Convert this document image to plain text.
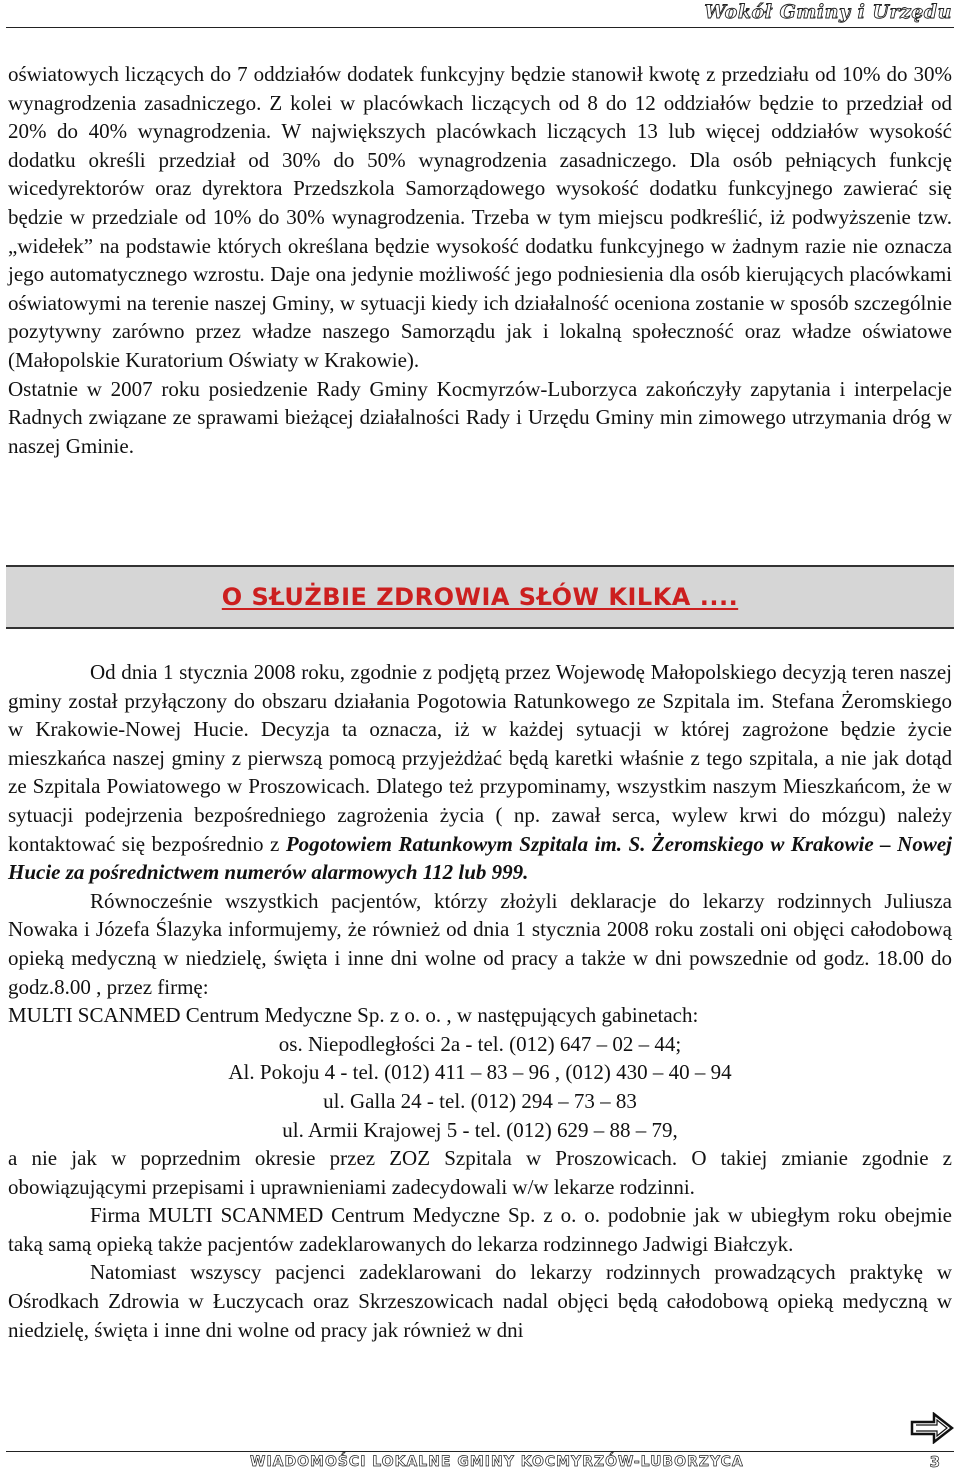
Wokół Gminy i Urzędu

oświatowych liczących do 7 oddziałów dodatek funkcyjny będzie stanowił kwotę z przedziału od 10% do 30% wynagrodzenia zasadniczego. Z kolei w placówkach liczących od 8 do 12 oddziałów będzie to przedział od 20% do 40% wynagrodzenia. W największych placówkach liczących 13 lub więcej oddziałów wysokość dodatku określi przedział od 30% do 50% wynagrodzenia zasadniczego. Dla osób pełniących funkcję wicedyrektorów oraz dyrektora Przedszkola Samorządowego wysokość dodatku funkcyjnego zawierać się będzie w przedziale od 10% do 30% wynagrodzenia. Trzeba w tym miejscu podkreślić, iż podwyższenie tzw. „widełek” na podstawie których określana będzie wysokość dodatku funkcyjnego w żadnym razie nie oznacza jego automatycznego wzrostu. Daje ona jedynie możliwość jego podniesienia dla osób kierujących placówkami oświatowymi na terenie naszej Gminy, w sytuacji kiedy ich działalność oceniona zostanie w sposób szczególnie pozytywny zarówno przez władze naszego Samorządu jak i lokalną społeczność oraz władze oświatowe (Małopolskie Kuratorium Oświaty w Krakowie).

Ostatnie w 2007 roku posiedzenie Rady Gminy Kocmyrzów-Luborzyca zakończyły zapytania i interpelacje Radnych związane ze sprawami bieżącej działalności Rady i Urzędu Gminy min zimowego utrzymania dróg w naszej Gminie.

O SŁUŻBIE ZDROWIA SŁÓW KILKA ....

Od dnia 1 stycznia 2008 roku, zgodnie z podjętą przez Wojewodę Małopolskiego decyzją teren naszej gminy został przyłączony do obszaru działania Pogotowia Ratunkowego ze Szpitala im. Stefana Żeromskiego w Krakowie-Nowej Hucie. Decyzja ta oznacza, iż w każdej sytuacji w której zagrożone będzie życie mieszkańca naszej gminy z pierwszą pomocą przyjeżdżać będą karetki właśnie z tego szpitala, a nie jak dotąd ze Szpitala Powiatowego w Proszowicach. Dlatego też przypominamy, wszystkim naszym Mieszkańcom, że w sytuacji podejrzenia bezpośredniego zagrożenia życia ( np. zawał serca, wylew krwi do mózgu) należy kontaktować się bezpośrednio z Pogotowiem Ratunkowym Szpitala im. S. Żeromskiego w Krakowie – Nowej Hucie za pośrednictwem numerów alarmowych 112 lub 999.

Równocześnie wszystkich pacjentów, którzy złożyli deklaracje do lekarzy rodzinnych Juliusza Nowaka i Józefa Ślazyka informujemy, że również od dnia 1 stycznia 2008 roku zostali oni objęci całodobową opieką medyczną w niedzielę, święta i inne dni wolne od pracy a także w dni powszednie od godz. 18.00 do godz.8.00 , przez firmę:

MULTI SCANMED Centrum Medyczne Sp. z o. o. , w następujących gabinetach:

os. Niepodległości 2a - tel. (012) 647 – 02 – 44;

Al. Pokoju 4 - tel. (012) 411 – 83 – 96 , (012) 430 – 40 – 94

ul. Galla 24 - tel. (012) 294 – 73 – 83

ul. Armii Krajowej 5 - tel. (012) 629 – 88 – 79,

a nie jak w poprzednim okresie przez ZOZ Szpitala w Proszowicach. O takiej zmianie zgodnie z obowiązującymi przepisami i uprawnieniami zadecydowali w/w lekarze rodzinni.

Firma MULTI SCANMED Centrum Medyczne Sp. z o. o. podobnie jak w ubiegłym roku obejmie taką samą opieką także pacjentów zadeklarowanych do lekarza rodzinnego Jadwigi Białczyk.

Natomiast wszyscy pacjenci zadeklarowani do lekarzy rodzinnych prowadzących praktykę w Ośrodkach Zdrowia w Łuczycach oraz Skrzeszowicach nadal objęci będą całodobową opieką medyczną w niedzielę, święta i inne dni wolne od pracy jak również w dni

WIADOMOŚCI LOKALNE GMINY KOCMYRZÓW-LUBORZYCA	3
